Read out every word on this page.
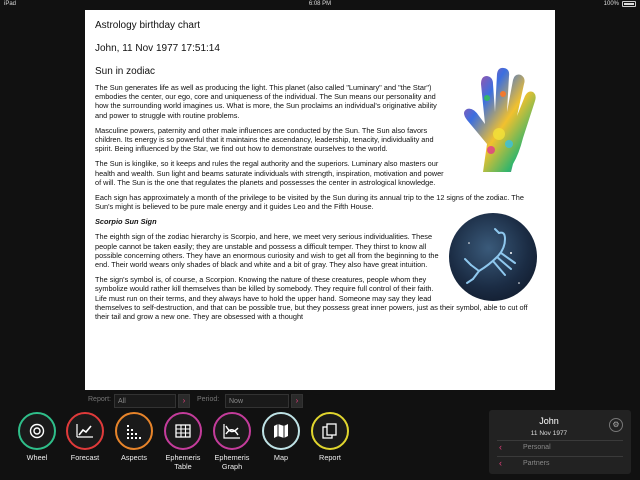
iPad	6:08 PM	100%
Astrology birthday chart
John, 11 Nov 1977 17:51:14
Sun in zodiac

The Sun generates life as well as producing the light. This planet (also called "Luminary" and "the Star") embodies the center, our ego, core and uniqueness of the individual. The Sun means our personality and how the surrounding world imagines us. What is more, the Sun proclaims an individual's originative ability and power to struggle with routine problems.

Masculine powers, paternity and other male influences are conducted by the Sun. The Sun also favors children. Its energy is so powerful that it maintains the ascendancy, leadership, tenacity, individuality and spirit. Being influenced by the Star, we find out how to demonstrate ourselves to the world.

The Sun is kinglike, so it keeps and rules the regal authority and the superiors. Luminary also masters our health and wealth. Sun light and beams saturate individuals with strength, inspiration, motivation and power of will. The Sun is the one that regulates the planets and possesses the center in astrological knowledge.

Each sign has approximately a month of the privilege to be visited by the Sun during its annual trip to the 12 signs of the zodiac. The Sun's might is believed to be pure male energy and it guides Leo and the Fifth House.

Scorpio Sun Sign

The eighth sign of the zodiac hierarchy is Scorpio, and here, we meet very serious individualities. These people cannot be taken easily; they are unstable and possess a difficult temper. They thirst to know all possible concerning others. They have an enormous curiosity and wish to get all from the beginning to the end. Their world wears only shades of black and white and a bit of gray. They also have great intuition.

The sign's symbol is, of course, a Scorpion. Knowing the nature of these creatures, people whom they symbolize would rather kill themselves than be killed by somebody. They require full control of their faith. Life must run on their terms, and they always have to hold the upper hand. Someone may say they lead themselves to self-destruction, and that can be possible true, but they possess great inner powers, just as their symbol, able to cut off their tail and grow a new one. They are obsessed with a thought

Report:	All	›	Period:	Now	›
Wheel	Forecast	Aspects	Ephemeris
Table
Ephemeris
Graph
Map	Report
John
11 Nov 1977
⚙
‹	Personal
‹	Partners
